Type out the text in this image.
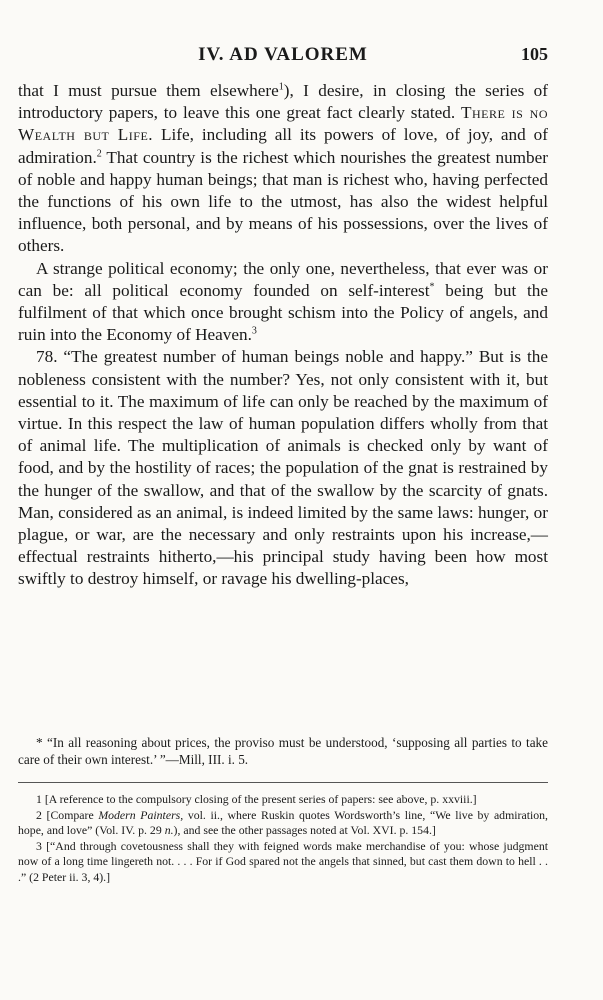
IV. AD VALOREM	105

that I must pursue them elsewhere$^1$), I desire, in closing the series of introductory papers, to leave this one great fact clearly stated. There is no Wealth but Life. Life, including all its powers of love, of joy, and of admiration.$^2$ That country is the richest which nourishes the greatest number of noble and happy human beings; that man is richest who, having perfected the functions of his own life to the utmost, has also the widest helpful influence, both personal, and by means of his possessions, over the lives of others.

A strange political economy; the only one, nevertheless, that ever was or can be: all political economy founded on self-interest* being but the fulfilment of that which once brought schism into the Policy of angels, and ruin into the Economy of Heaven.$^3$

78. “The greatest number of human beings noble and happy.” But is the nobleness consistent with the number? Yes, not only consistent with it, but essential to it. The maximum of life can only be reached by the maximum of virtue. In this respect the law of human population differs wholly from that of animal life. The multiplication of animals is checked only by want of food, and by the hostility of races; the population of the gnat is restrained by the hunger of the swallow, and that of the swallow by the scarcity of gnats. Man, considered as an animal, is indeed limited by the same laws: hunger, or plague, or war, are the necessary and only restraints upon his increase,—effectual restraints hitherto,—his principal study having been how most swiftly to destroy himself, or ravage his dwelling-places,

* “In all reasoning about prices, the proviso must be understood, ‘supposing all parties to take care of their own interest.’ ”—Mill, III. i. 5.

1 [A reference to the compulsory closing of the present series of papers: see above, p. xxviii.]

2 [Compare Modern Painters, vol. ii., where Ruskin quotes Wordsworth’s line, “We live by admiration, hope, and love” (Vol. IV. p. 29 n.), and see the other passages noted at Vol. XVI. p. 154.]

3 [“And through covetousness shall they with feigned words make merchandise of you: whose judgment now of a long time lingereth not. . . . For if God spared not the angels that sinned, but cast them down to hell . . .” (2 Peter ii. 3, 4).]
